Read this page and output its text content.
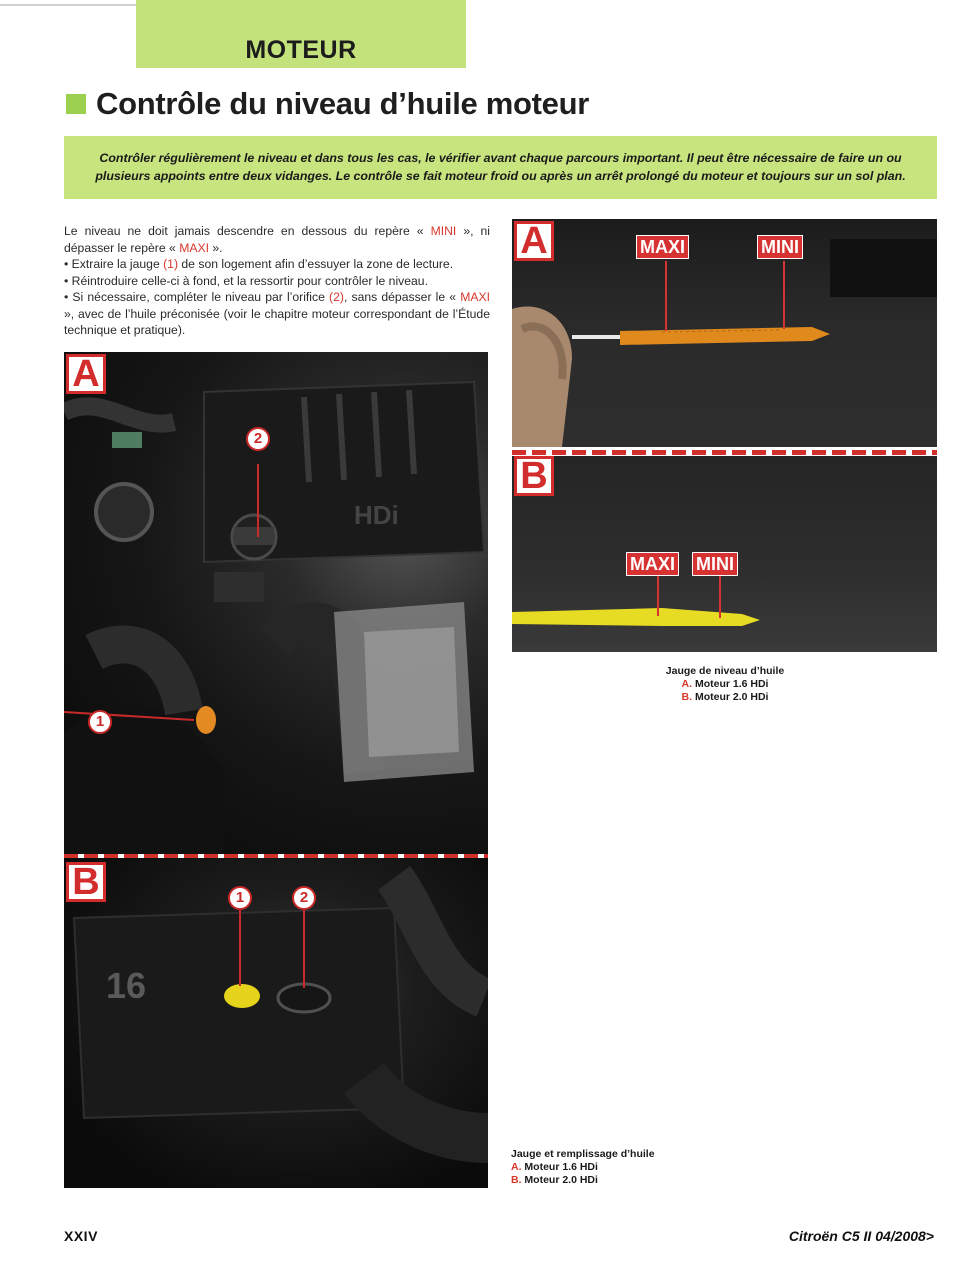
MOTEUR
Contrôle du niveau d’huile moteur
Contrôler régulièrement le niveau et dans tous les cas, le vérifier avant chaque parcours important. Il peut être nécessaire de faire un ou plusieurs appoints entre deux vidanges. Le contrôle se fait moteur froid ou après un arrêt prolongé du moteur et toujours sur un sol plan.

Le niveau ne doit jamais descendre en dessous du repère « MINI », ni dépasser le repère « MAXI ».

• Extraire la jauge (1) de son logement afin d’essuyer la zone de lecture.

• Réintroduire celle-ci à fond, et la ressortir pour contrôler le niveau.

• Si nécessaire, compléter le niveau par l’orifice (2), sans dépasser le « MAXI », avec de l’huile préconisée (voir le chapitre moteur correspondant de l’Étude technique et pratique).

HDi
A
2
1
16
B	1	2
A	MAXI	MINI
B
MAXI MINI
Jauge de niveau d’huile
A. Moteur 1.6 HDi
B. Moteur 2.0 HDi
Jauge et remplissage d’huile
A. Moteur 1.6 HDi
B. Moteur 2.0 HDi
XXIV	Citroën C5 II 04/2008>
